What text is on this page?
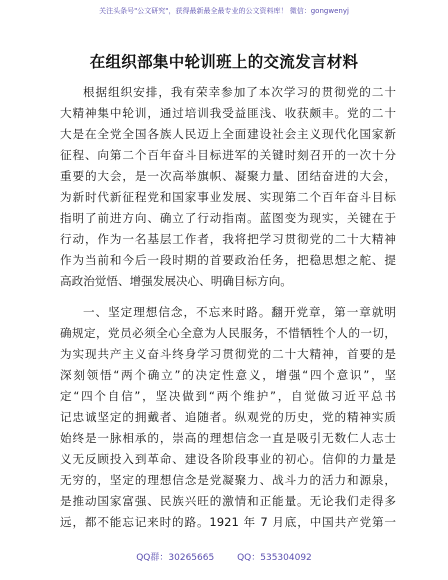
关注头条号"公文研究"，获得最新最全最专业的公文资料库！ 微信：gongwenyj
在组织部集中轮训班上的交流发言材料
根据组织安排，我有荣幸参加了本次学习的贯彻党的二十
大精神集中轮训，通过培训我受益匪浅、收获颇丰。党的二十
大是在全党全国各族人民迈上全面建设社会主义现代化国家新
征程、向第二个百年奋斗目标进军的关键时刻召开的一次十分
重要的大会，是一次高举旗帜、凝聚力量、团结奋进的大会，
为新时代新征程党和国家事业发展、实现第二个百年奋斗目标
指明了前进方向、确立了行动指南。蓝图变为现实，关键在于
行动，作为一名基层工作者，我将把学习贯彻党的二十大精神
作为当前和今后一段时期的首要政治任务，把稳思想之舵、提
高政治觉悟、增强发展决心、明确目标方向。
一、坚定理想信念，不忘来时路。翻开党章，第一章就明
确规定，党员必须全心全意为人民服务，不惜牺牲个人的一切，
为实现共产主义奋斗终身学习贯彻党的二十大精神，首要的是
深刻领悟“两个确立”的决定性意义，增强“四个意识”，坚
定“四个自信”，坚决做到“两个维护”，自觉做习近平总书
记忠诚坚定的拥戴者、追随者。纵观党的历史，党的精神实质
始终是一脉相承的，崇高的理想信念一直是吸引无数仁人志士
义无反顾投入到革命、建设各阶段事业的初心。信仰的力量是
无穷的，坚定的理想信念是党凝聚力、战斗力的活力和源泉，
是推动国家富强、民族兴旺的激情和正能量。无论我们走得多
远，都不能忘记来时的路。1921 年 7 月底，中国共产党第一
QQ群：30265665	QQ：535304092
